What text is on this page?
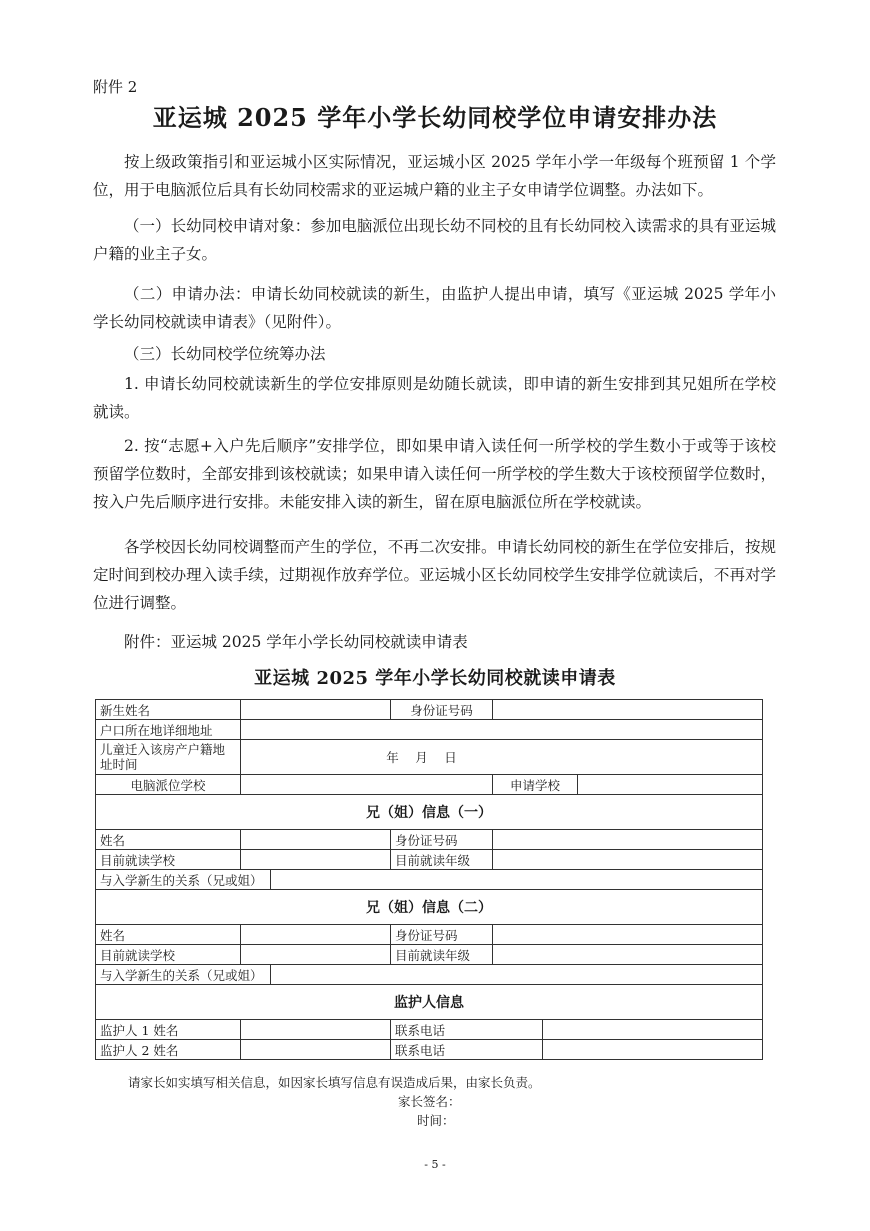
附件 2
亚运城 2025 学年小学长幼同校学位申请安排办法

按上级政策指引和亚运城小区实际情况，亚运城小区 2025 学年小学一年级每个班预留 1 个学位，用于电脑派位后具有长幼同校需求的亚运城户籍的业主子女申请学位调整。办法如下。

（一）长幼同校申请对象：参加电脑派位出现长幼不同校的且有长幼同校入读需求的具有亚运城户籍的业主子女。

（二）申请办法：申请长幼同校就读的新生，由监护人提出申请，填写《亚运城 2025 学年小学长幼同校就读申请表》（见附件）。

（三）长幼同校学位统筹办法

1. 申请长幼同校就读新生的学位安排原则是幼随长就读，即申请的新生安排到其兄姐所在学校就读。

2. 按“志愿+入户先后顺序”安排学位，即如果申请入读任何一所学校的学生数小于或等于该校预留学位数时，全部安排到该校就读；如果申请入读任何一所学校的学生数大于该校预留学位数时，按入户先后顺序进行安排。未能安排入读的新生，留在原电脑派位所在学校就读。

各学校因长幼同校调整而产生的学位，不再二次安排。申请长幼同校的新生在学位安排后，按规定时间到校办理入读手续，过期视作放弃学位。亚运城小区长幼同校学生安排学位就读后，不再对学位进行调整。

附件：亚运城 2025 学年小学长幼同校就读申请表

亚运城 2025 学年小学长幼同校就读申请表
新生姓名			身份证号码			
户口所在地详细地址						
儿童迁入该房产户籍地址时间	年　 月　 日					
电脑派位学校				申请学校		
兄（姐）信息（一）						
姓名			身份证号码			
目前就读学校			目前就读年级			
与入学新生的关系（兄或姐）						
兄（姐）信息（二）						
姓名			身份证号码			
目前就读学校			目前就读年级			
与入学新生的关系（兄或姐）						
监护人信息						
监护人 1 姓名			联系电话			
监护人 2 姓名			联系电话			
请家长如实填写相关信息，如因家长填写信息有误造成后果，由家长负责。
家长签名：
时间：
- 5 -
